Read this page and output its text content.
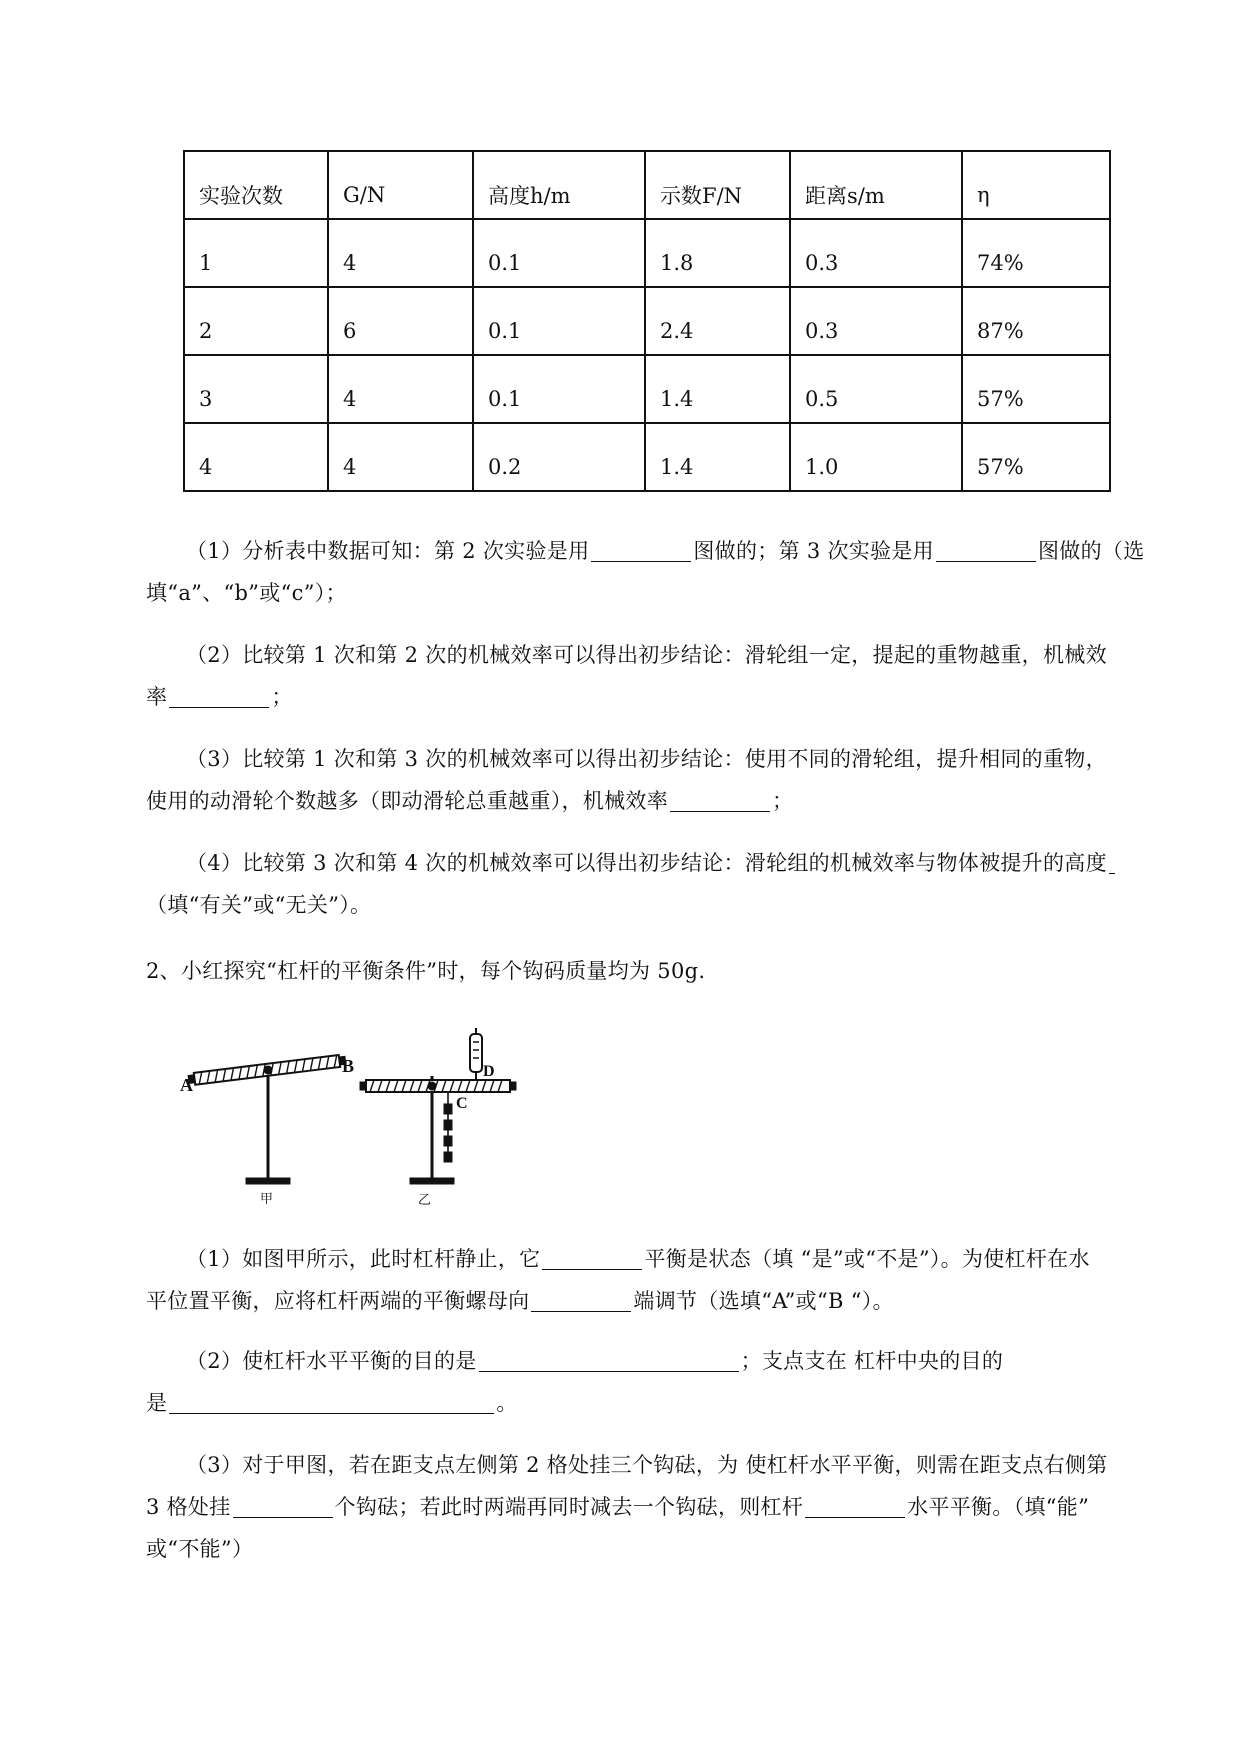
实验次数	G/N	高度h/m	示数F/N	距离s/m	η
1	4	0.1	1.8	0.3	74%
2	6	0.1	2.4	0.3	87%
3	4	0.1	1.4	0.5	57%
4	4	0.2	1.4	1.0	57%
（1）分析表中数据可知：第 2 次实验是用	图做的；第 3 次实验是用	图做的（选
填“a”、“b”或“c”）；
（2）比较第 1 次和第 2 次的机械效率可以得出初步结论：滑轮组一定，提起的重物越重，机械效
率	；
（3）比较第 1 次和第 3 次的机械效率可以得出初步结论：使用不同的滑轮组，提升相同的重物，
使用的动滑轮个数越多（即动滑轮总重越重），机械效率	；
（4）比较第 3 次和第 4 次的机械效率可以得出初步结论：滑轮组的机械效率与物体被提升的高度
（填“有关”或“无关”）。
2、小红探究“杠杆的平衡条件”时，每个钩码质量均为 50g.
A
B
甲
C
D
乙
（1）如图甲所示，此时杠杆静止，它	平衡是状态（填 “是”或“不是”）。为使杠杆在水
平位置平衡，应将杠杆两端的平衡螺母向	端调节（选填“A”或“B “）。
（2）使杠杆水平平衡的目的是	；支点支在 杠杆中央的目的
是	。
（3）对于甲图，若在距支点左侧第 2 格处挂三个钩砝，为 使杠杆水平平衡，则需在距支点右侧第
3 格处挂	个钩砝；若此时两端再同时减去一个钩砝，则杠杆	水平平衡。（填“能”
或“不能”）
